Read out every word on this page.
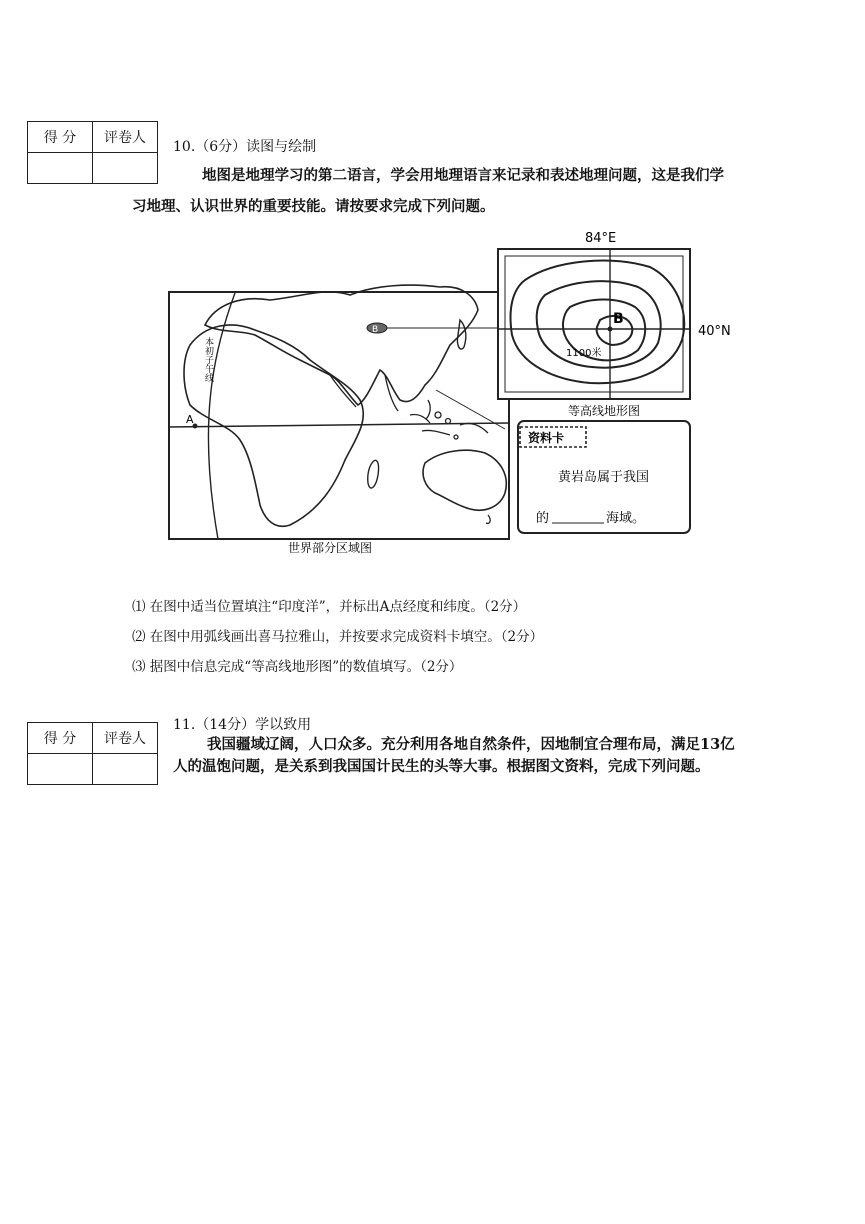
得 分	评卷人

10.（6分）读图与绘制

地图是地理学习的第二语言，学会用地理语言来记录和表述地理问题，这是我们学习地理、认识世界的重要技能。请按要求完成下列问题。

本初子午线
A
B
B
84°E
40°N
1100米
等高线地形图
资料卡
黄岩岛属于我国
的	海域。
世界部分区域图
⑴ 在图中适当位置填注“印度洋”，并标出A点经度和纬度。（2分）
⑵ 在图中用弧线画出喜马拉雅山，并按要求完成资料卡填空。（2分）
⑶ 据图中信息完成“等高线地形图”的数值填写。（2分）
得 分	评卷人

11.（14分）学以致用

我国疆域辽阔，人口众多。充分利用各地自然条件，因地制宜合理布局，满足13亿人的温饱问题，是关系到我国国计民生的头等大事。根据图文资料，完成下列问题。
